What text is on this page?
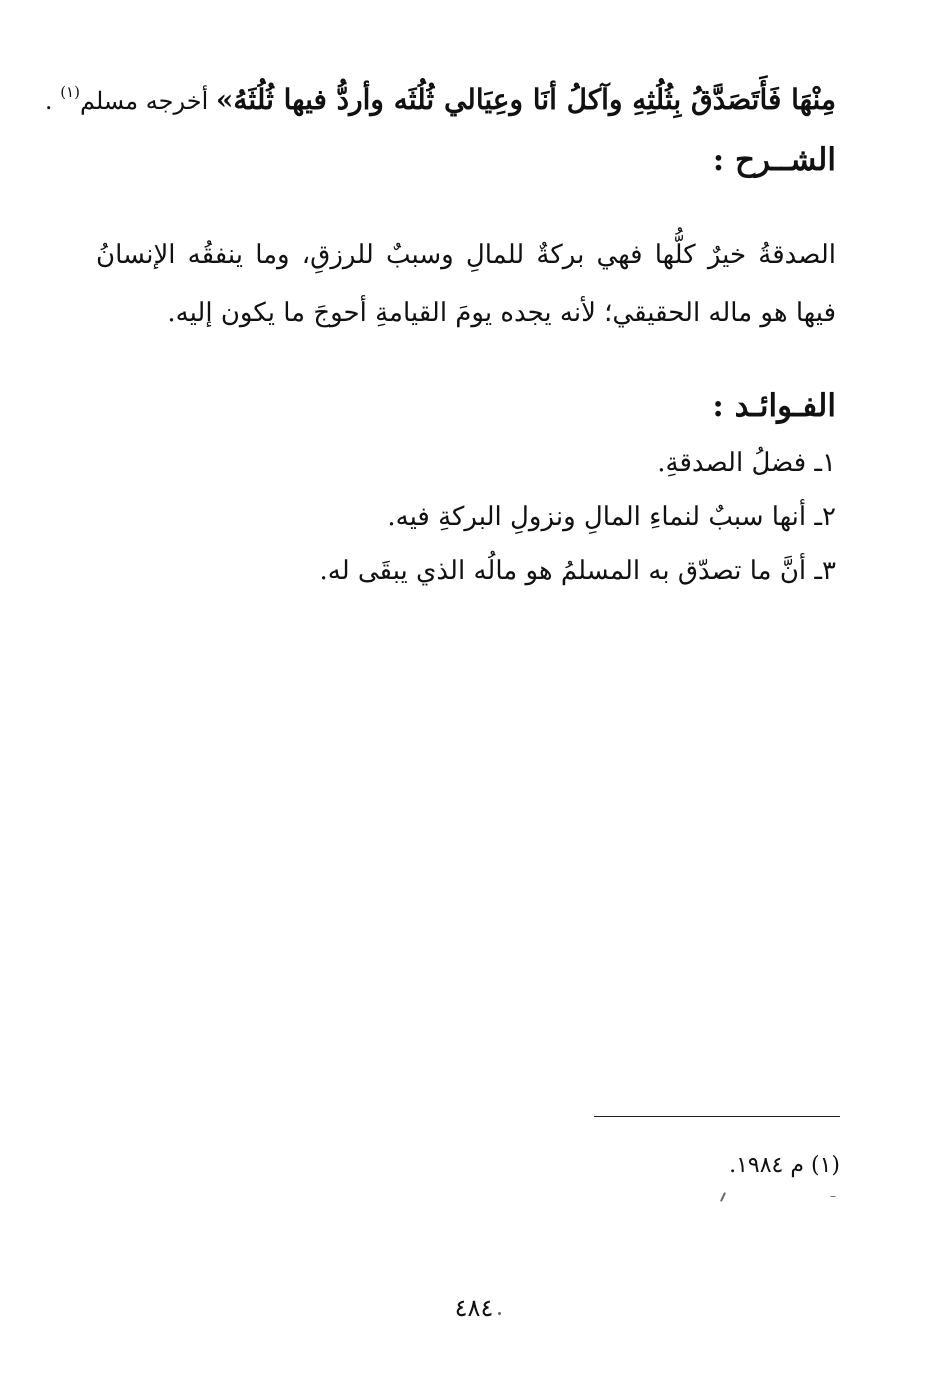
مِنْهَا فَأَتَصَدَّقُ بِثُلُثِهِ وآكلُ أنَا وعِيَالي ثُلُثَه وأردُّ فيها ثُلُثَهُ» أخرجه مسلم$^{(١)}$ .
الشــرح :

الصدقةُ خيرٌ كلُّها فهي بركةٌ للمالِ وسببٌ للرزقِ، وما ينفقُه الإنسانُ فيها هو ماله الحقيقي؛ لأنه يجده يومَ القيامةِ أحوجَ ما يكون إليه.

الفـوائـد :
١ـ فضلُ الصدقةِ.
٢ـ أنها سببٌ لنماءِ المالِ ونزولِ البركةِ فيه.
٣ـ أنَّ ما تصدّق به المسلمُ هو مالُه الذي يبقَى له.
(١) م ١٩٨٤.
٤٨٤
